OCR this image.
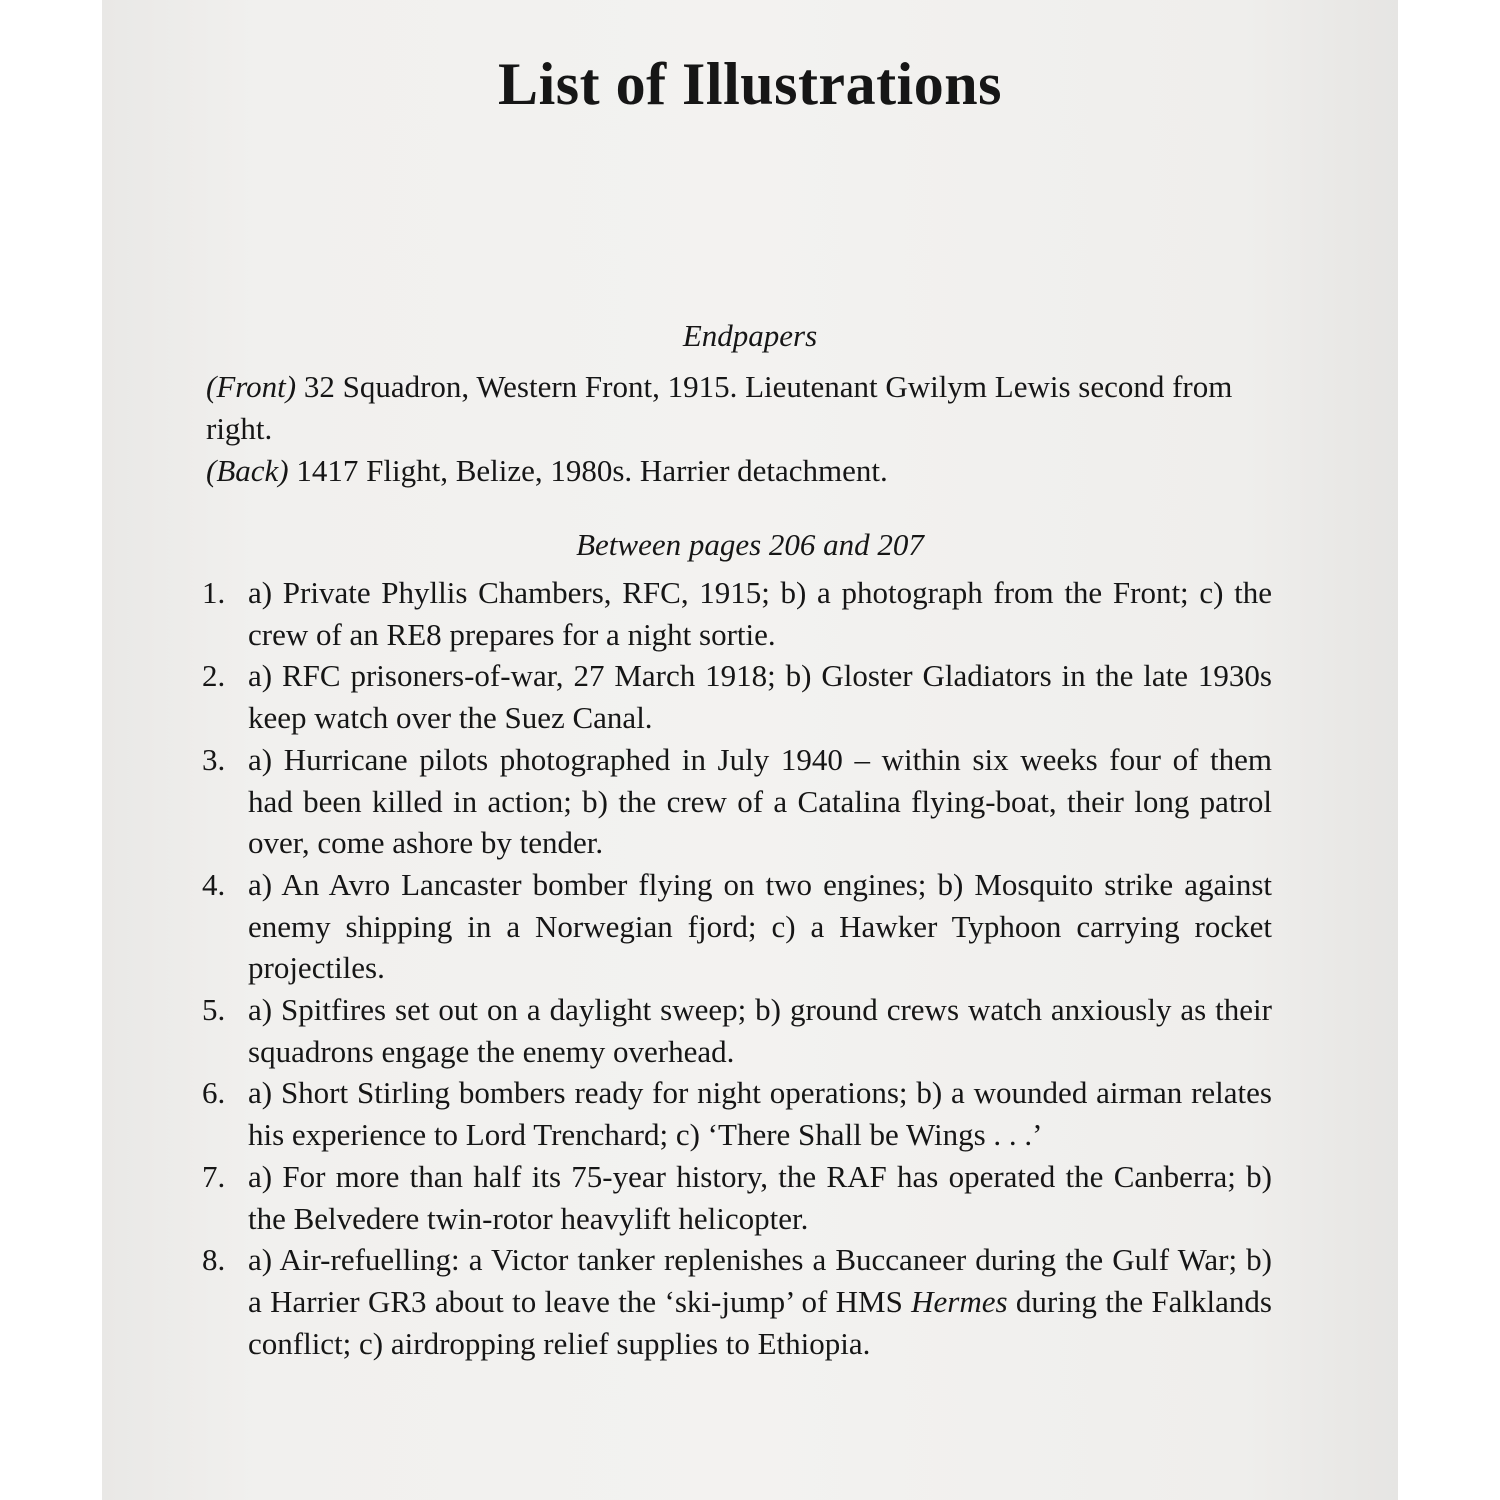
List of Illustrations
Endpapers
(Front) 32 Squadron, Western Front, 1915. Lieutenant Gwilym Lewis second from right.
(Back) 1417 Flight, Belize, 1980s. Harrier detachment.
Between pages 206 and 207
1. a) Private Phyllis Chambers, RFC, 1915; b) a photograph from the Front; c) the crew of an RE8 prepares for a night sortie.
2. a) RFC prisoners-of-war, 27 March 1918; b) Gloster Gladiators in the late 1930s keep watch over the Suez Canal.
3. a) Hurricane pilots photographed in July 1940 – within six weeks four of them had been killed in action; b) the crew of a Catalina flying-boat, their long patrol over, come ashore by tender.
4. a) An Avro Lancaster bomber flying on two engines; b) Mosquito strike against enemy shipping in a Norwegian fjord; c) a Hawker Typhoon carrying rocket projectiles.
5. a) Spitfires set out on a daylight sweep; b) ground crews watch anxiously as their squadrons engage the enemy overhead.
6. a) Short Stirling bombers ready for night operations; b) a wounded airman relates his experience to Lord Trenchard; c) ‘There Shall be Wings . . .’
7. a) For more than half its 75-year history, the RAF has operated the Canberra; b) the Belvedere twin-rotor heavylift helicopter.
8. a) Air-refuelling: a Victor tanker replenishes a Buccaneer during the Gulf War; b) a Harrier GR3 about to leave the ‘ski-jump’ of HMS Hermes during the Falklands conflict; c) airdropping relief supplies to Ethiopia.
